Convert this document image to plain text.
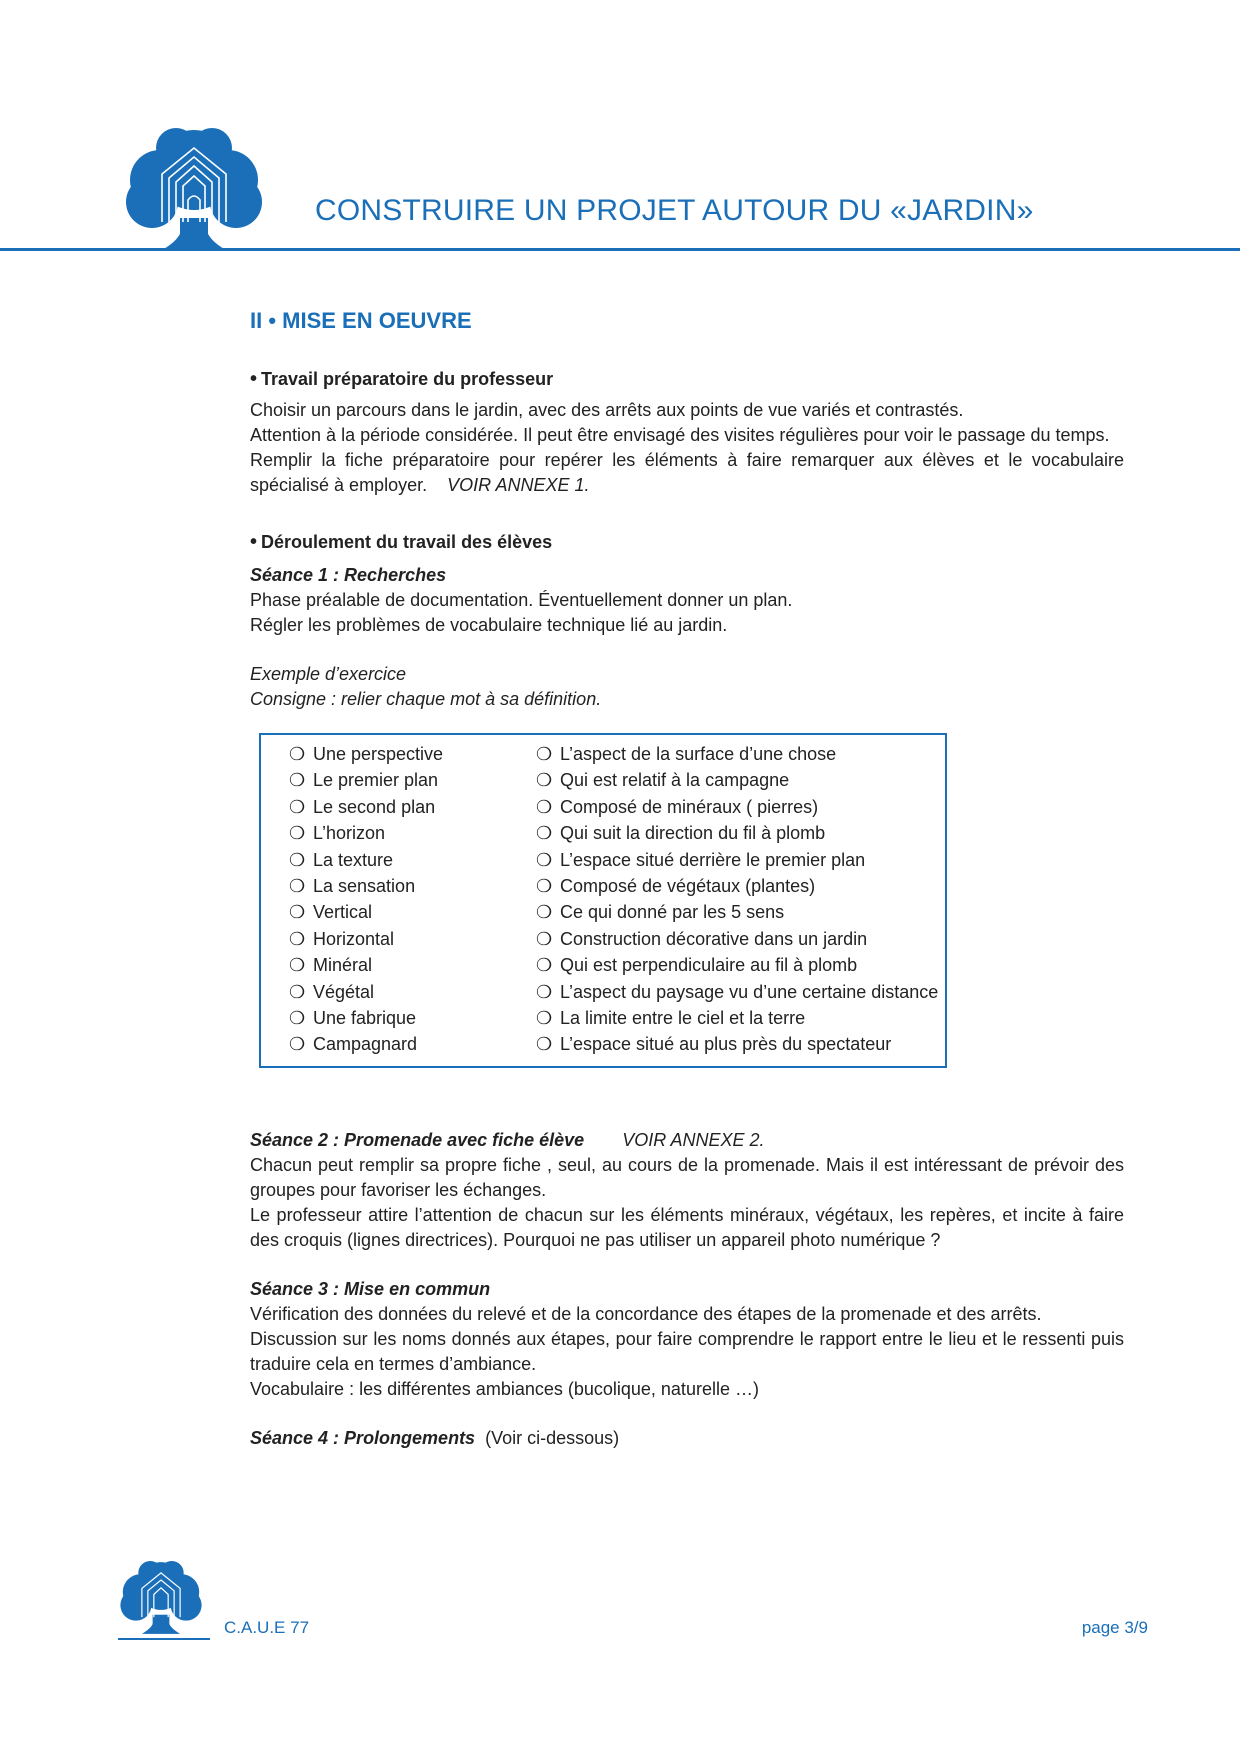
CONSTRUIRE UN PROJET AUTOUR DU «JARDIN»
II • MISE EN OEUVRE

• Travail préparatoire du professeur

Choisir un parcours dans le jardin, avec des arrêts aux points de vue variés et contrastés.

Attention à la période considérée. Il peut être envisagé des visites régulières pour voir le passage du temps.

Remplir la fiche préparatoire pour repérer les éléments à faire remarquer aux élèves et le vocabulaire spécialisé à employer. VOIR ANNEXE 1.

• Déroulement du travail des élèves

Séance 1 : Recherches

Phase préalable de documentation. Éventuellement donner un plan.

Régler les problèmes de vocabulaire technique lié au jardin.

Exemple d’exercice

Consigne : relier chaque mot à sa définition.

❍ Une perspective
❍ Le premier plan
❍ Le second plan
❍ L’horizon
❍ La texture
❍ La sensation
❍ Vertical
❍ Horizontal
❍ Minéral
❍ Végétal
❍ Une fabrique
❍ Campagnard
❍ L’aspect de la surface d’une chose
❍ Qui est relatif à la campagne
❍ Composé de minéraux ( pierres)
❍ Qui suit la direction du fil à plomb
❍ L’espace situé derrière le premier plan
❍ Composé de végétaux (plantes)
❍ Ce qui donné par les 5 sens
❍ Construction décorative dans un jardin
❍ Qui est perpendiculaire au fil à plomb
❍ L’aspect du paysage vu d’une certaine distance
❍ La limite entre le ciel et la terre
❍ L’espace situé au plus près du spectateur

Séance 2 : Promenade avec fiche élève VOIR ANNEXE 2.

Chacun peut remplir sa propre fiche , seul, au cours de la promenade. Mais il est intéressant de prévoir des groupes pour favoriser les échanges.

Le professeur attire l’attention de chacun sur les éléments minéraux, végétaux, les repères, et incite à faire des croquis (lignes directrices). Pourquoi ne pas utiliser un appareil photo numérique ?

Séance 3 : Mise en commun

Vérification des données du relevé et de la concordance des étapes de la promenade et des arrêts.

Discussion sur les noms donnés aux étapes, pour faire comprendre le rapport entre le lieu et le ressenti puis traduire cela en termes d’ambiance.

Vocabulaire : les différentes ambiances (bucolique, naturelle …)

Séance 4 : Prolongements (Voir ci-dessous)

C.A.U.E 77	page 3/9
